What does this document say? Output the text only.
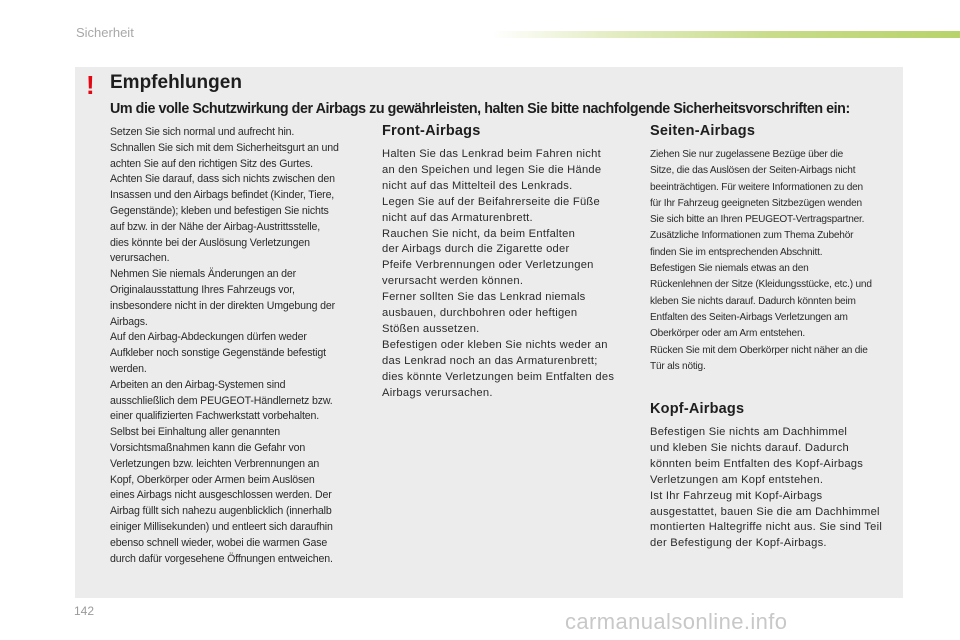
Sicherheit
! Empfehlungen
Um die volle Schutzwirkung der Airbags zu gewährleisten, halten Sie bitte nachfolgende Sicherheitsvorschriften ein:
Setzen Sie sich normal und aufrecht hin.
Schnallen Sie sich mit dem Sicherheitsgurt an und
achten Sie auf den richtigen Sitz des Gurtes.
Achten Sie darauf, dass sich nichts zwischen den
Insassen und den Airbags befindet (Kinder, Tiere,
Gegenstände); kleben und befestigen Sie nichts
auf bzw. in der Nähe der Airbag-Austrittsstelle,
dies könnte bei der Auslösung Verletzungen
verursachen.
Nehmen Sie niemals Änderungen an der
Originalausstattung Ihres Fahrzeugs vor,
insbesondere nicht in der direkten Umgebung der
Airbags.
Auf den Airbag-Abdeckungen dürfen weder
Aufkleber noch sonstige Gegenstände befestigt
werden.
Arbeiten an den Airbag-Systemen sind
ausschließlich dem PEUGEOT-Händlernetz bzw.
einer qualifizierten Fachwerkstatt vorbehalten.
Selbst bei Einhaltung aller genannten
Vorsichtsmaßnahmen kann die Gefahr von
Verletzungen bzw. leichten Verbrennungen an
Kopf, Oberkörper oder Armen beim Auslösen
eines Airbags nicht ausgeschlossen werden. Der
Airbag füllt sich nahezu augenblicklich (innerhalb
einiger Millisekunden) und entleert sich daraufhin
ebenso schnell wieder, wobei die warmen Gase
durch dafür vorgesehene Öffnungen entweichen.
Front-Airbags
Halten Sie das Lenkrad beim Fahren nicht
an den Speichen und legen Sie die Hände
nicht auf das Mittelteil des Lenkrads.
Legen Sie auf der Beifahrerseite die Füße
nicht auf das Armaturenbrett.
Rauchen Sie nicht, da beim Entfalten
der Airbags durch die Zigarette oder
Pfeife Verbrennungen oder Verletzungen
verursacht werden können.
Ferner sollten Sie das Lenkrad niemals
ausbauen, durchbohren oder heftigen
Stößen aussetzen.
Befestigen oder kleben Sie nichts weder an
das Lenkrad noch an das Armaturenbrett;
dies könnte Verletzungen beim Entfalten des
Airbags verursachen.
Seiten-Airbags
Ziehen Sie nur zugelassene Bezüge über die
Sitze, die das Auslösen der Seiten-Airbags nicht
beeinträchtigen. Für weitere Informationen zu den
für Ihr Fahrzeug geeigneten Sitzbezügen wenden
Sie sich bitte an Ihren PEUGEOT-Vertragspartner.
Zusätzliche Informationen zum Thema Zubehör
finden Sie im entsprechenden Abschnitt.
Befestigen Sie niemals etwas an den
Rückenlehnen der Sitze (Kleidungsstücke, etc.) und
kleben Sie nichts darauf. Dadurch könnten beim
Entfalten des Seiten-Airbags Verletzungen am
Oberkörper oder am Arm entstehen.
Rücken Sie mit dem Oberkörper nicht näher an die
Tür als nötig.
Kopf-Airbags
Befestigen Sie nichts am Dachhimmel
und kleben Sie nichts darauf. Dadurch
könnten beim Entfalten des Kopf-Airbags
Verletzungen am Kopf entstehen.
Ist Ihr Fahrzeug mit Kopf-Airbags
ausgestattet, bauen Sie die am Dachhimmel
montierten Haltegriffe nicht aus. Sie sind Teil
der Befestigung der Kopf-Airbags.
142	carmanualsonline.info
